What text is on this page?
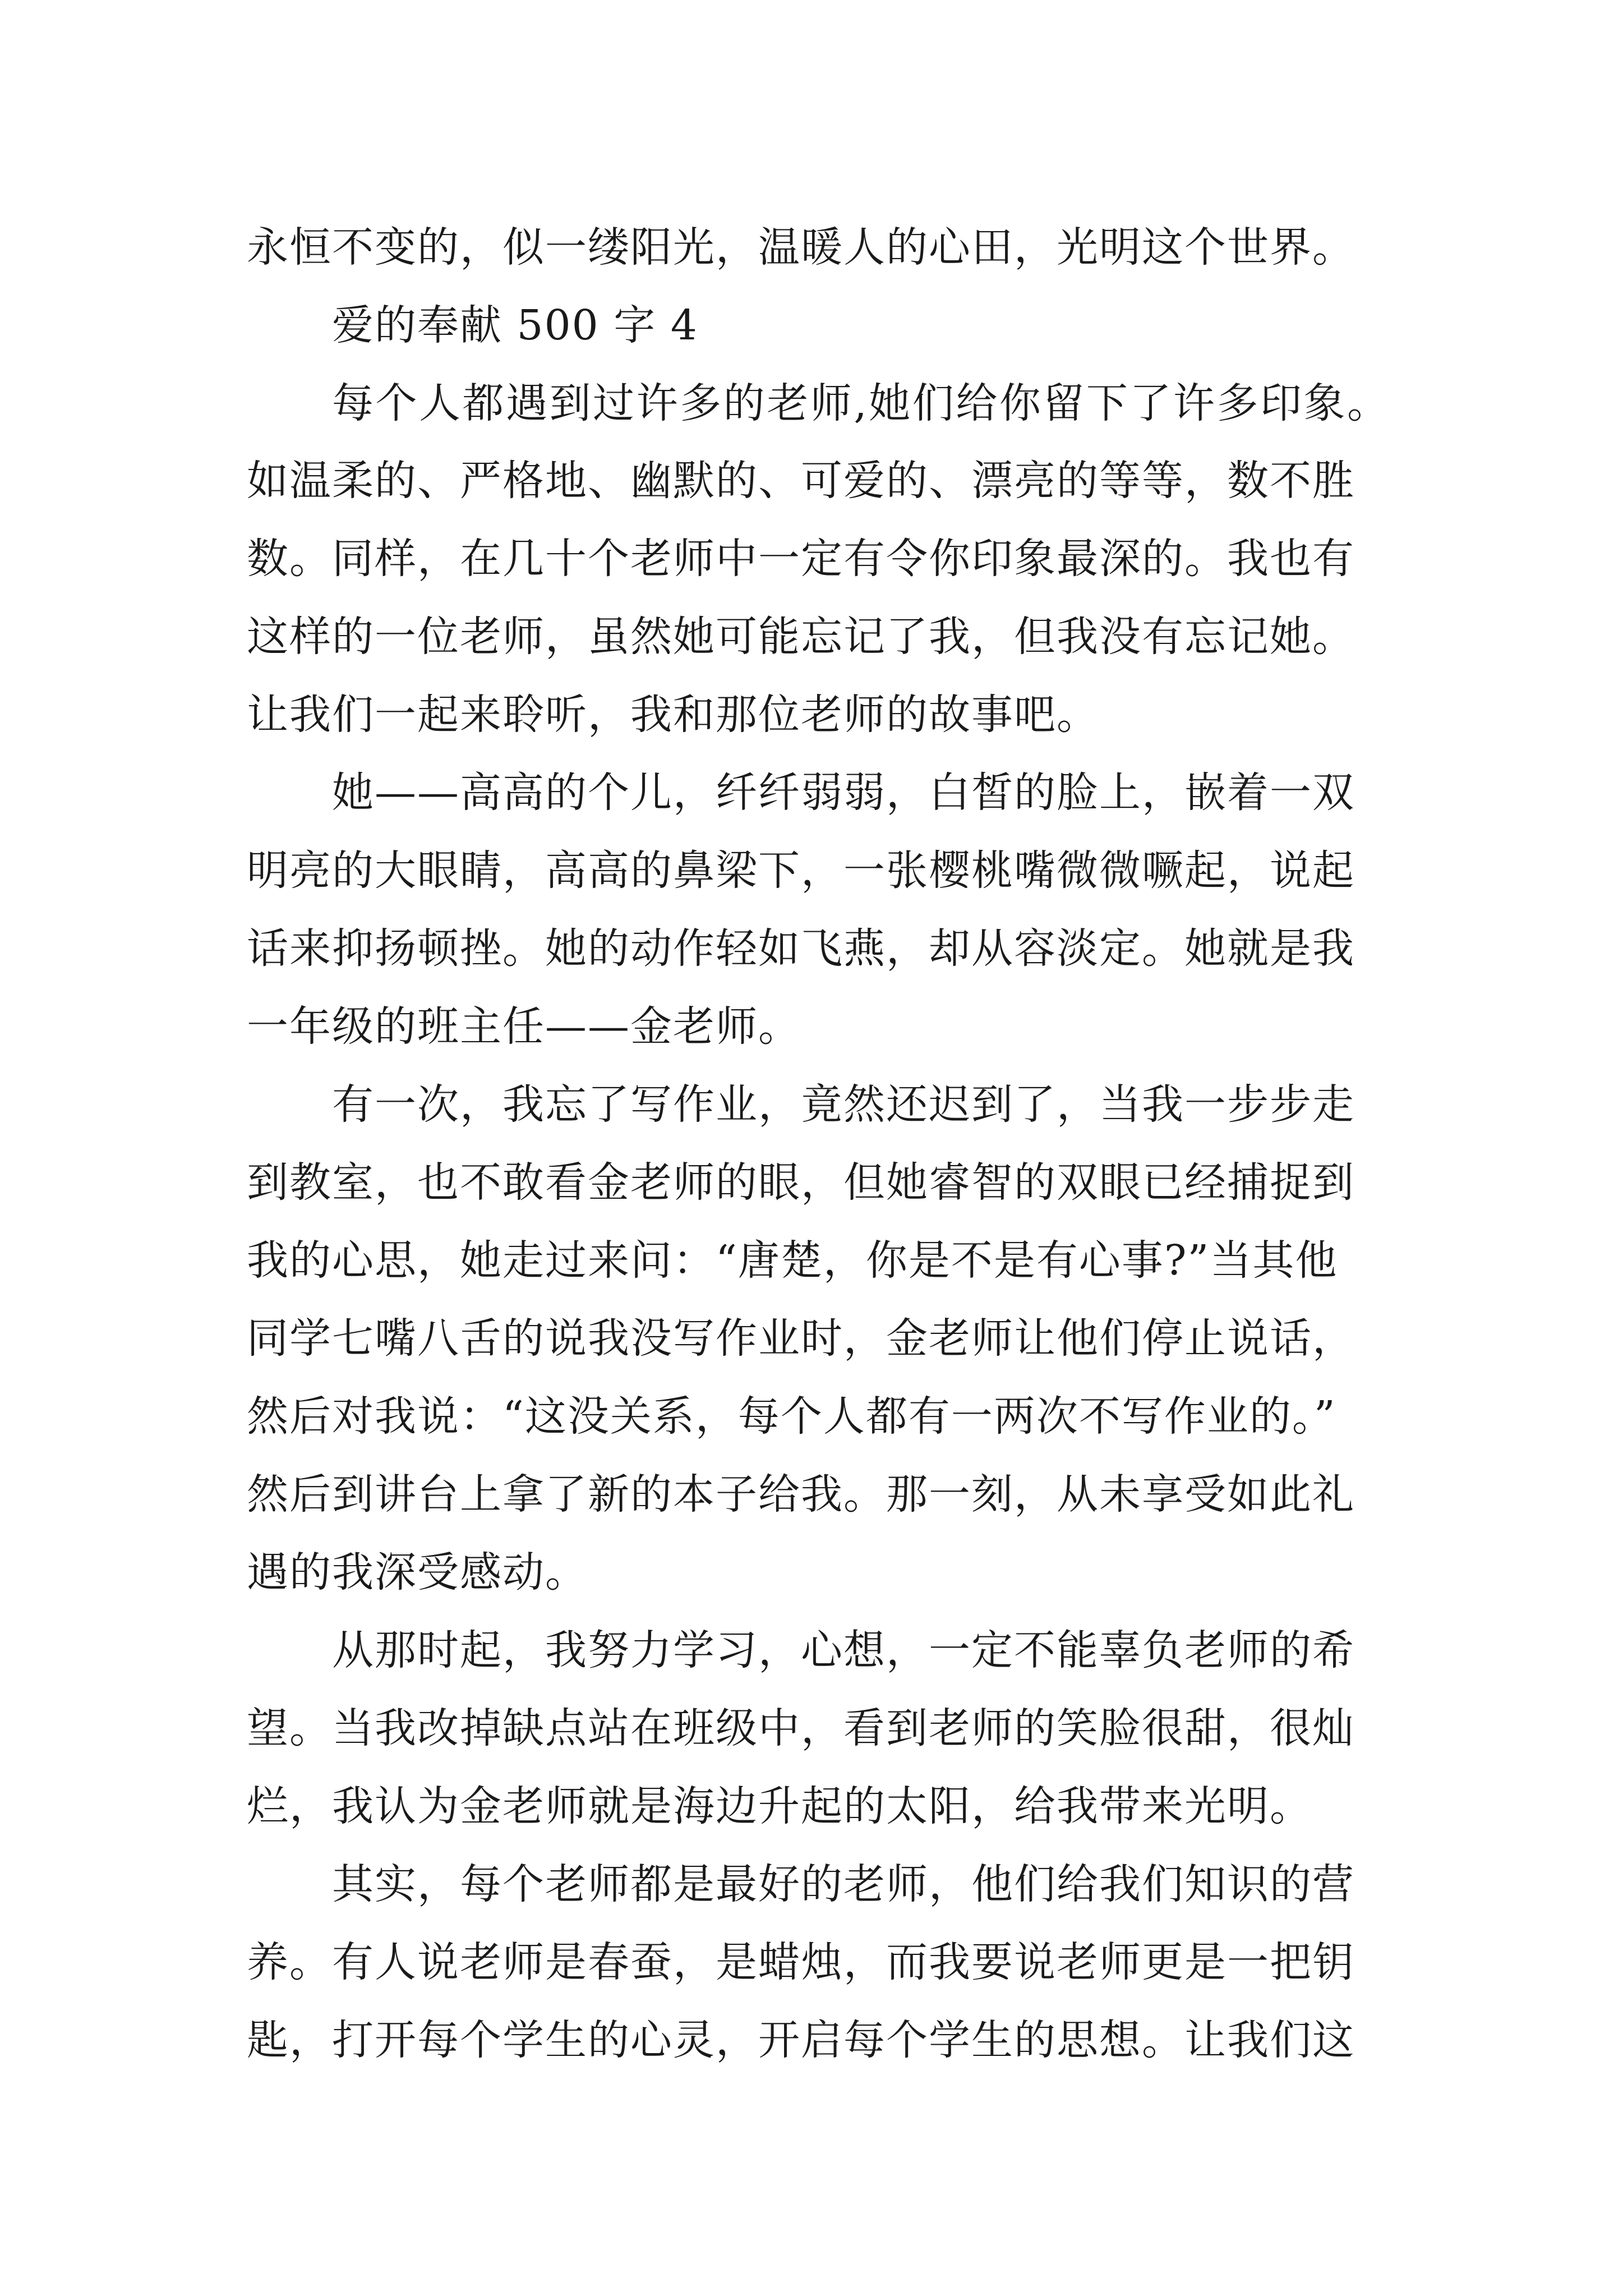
永恒不变的，似一缕阳光，温暖人的心田，光明这个世界。
爱的奉献 500 字 4
每个人都遇到过许多的老师,她们给你留下了许多印象。
如温柔的、严格地、幽默的、可爱的、漂亮的等等，数不胜
数。同样，在几十个老师中一定有令你印象最深的。我也有
这样的一位老师，虽然她可能忘记了我，但我没有忘记她。
让我们一起来聆听，我和那位老师的故事吧。
她——高高的个儿，纤纤弱弱，白皙的脸上，嵌着一双
明亮的大眼睛，高高的鼻梁下，一张樱桃嘴微微噘起，说起
话来抑扬顿挫。她的动作轻如飞燕，却从容淡定。她就是我
一年级的班主任——金老师。
有一次，我忘了写作业，竟然还迟到了，当我一步步走
到教室，也不敢看金老师的眼，但她睿智的双眼已经捕捉到
我的心思，她走过来问：“唐楚，你是不是有心事?”当其他
同学七嘴八舌的说我没写作业时，金老师让他们停止说话，
然后对我说：“这没关系，每个人都有一两次不写作业的。”
然后到讲台上拿了新的本子给我。那一刻，从未享受如此礼
遇的我深受感动。
从那时起，我努力学习，心想，一定不能辜负老师的希
望。当我改掉缺点站在班级中，看到老师的笑脸很甜，很灿
烂，我认为金老师就是海边升起的太阳，给我带来光明。
其实，每个老师都是最好的老师，他们给我们知识的营
养。有人说老师是春蚕，是蜡烛，而我要说老师更是一把钥
匙，打开每个学生的心灵，开启每个学生的思想。让我们这
